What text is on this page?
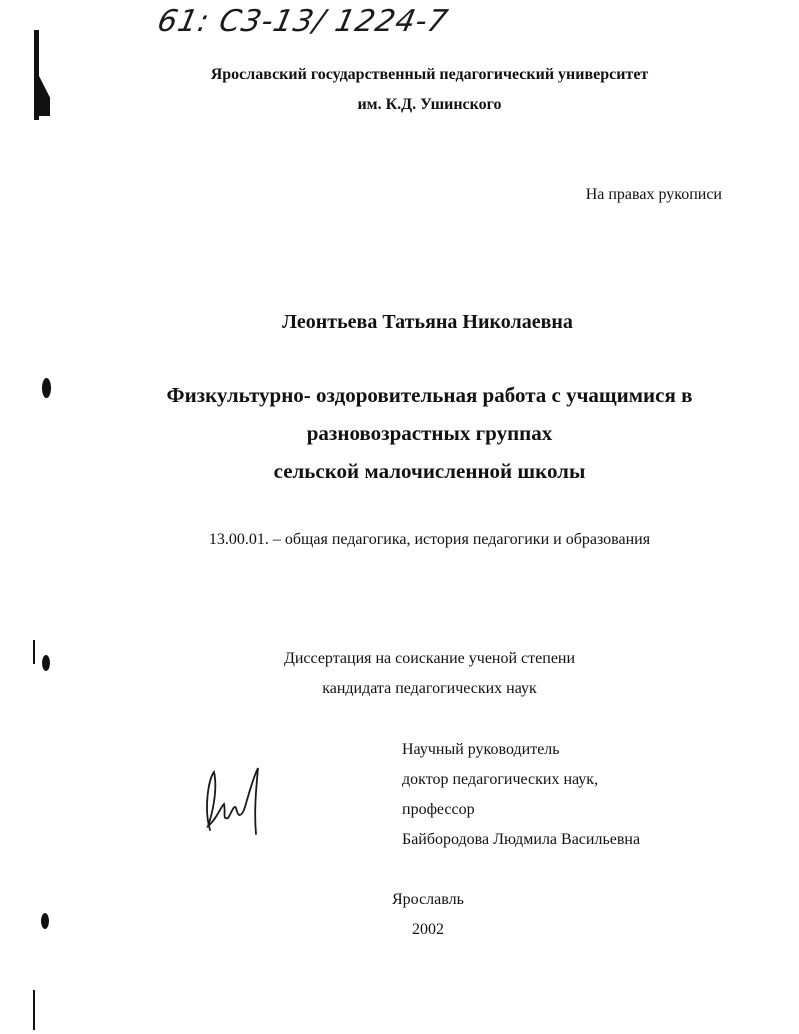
61: С3-13/ 1224-7
Ярославский государственный педагогический университет
им. К.Д. Ушинского
На правах рукописи
Леонтьева Татьяна Николаевна
Физкультурно- оздоровительная работа с учащимися в
разновозрастных группах
сельской малочисленной школы
13.00.01. – общая педагогика, история педагогики и образования
Диссертация на соискание ученой степени
кандидата педагогических наук
Научный руководитель
доктор педагогических наук,
профессор
Байбородова Людмила Васильевна
Ярославль
2002
